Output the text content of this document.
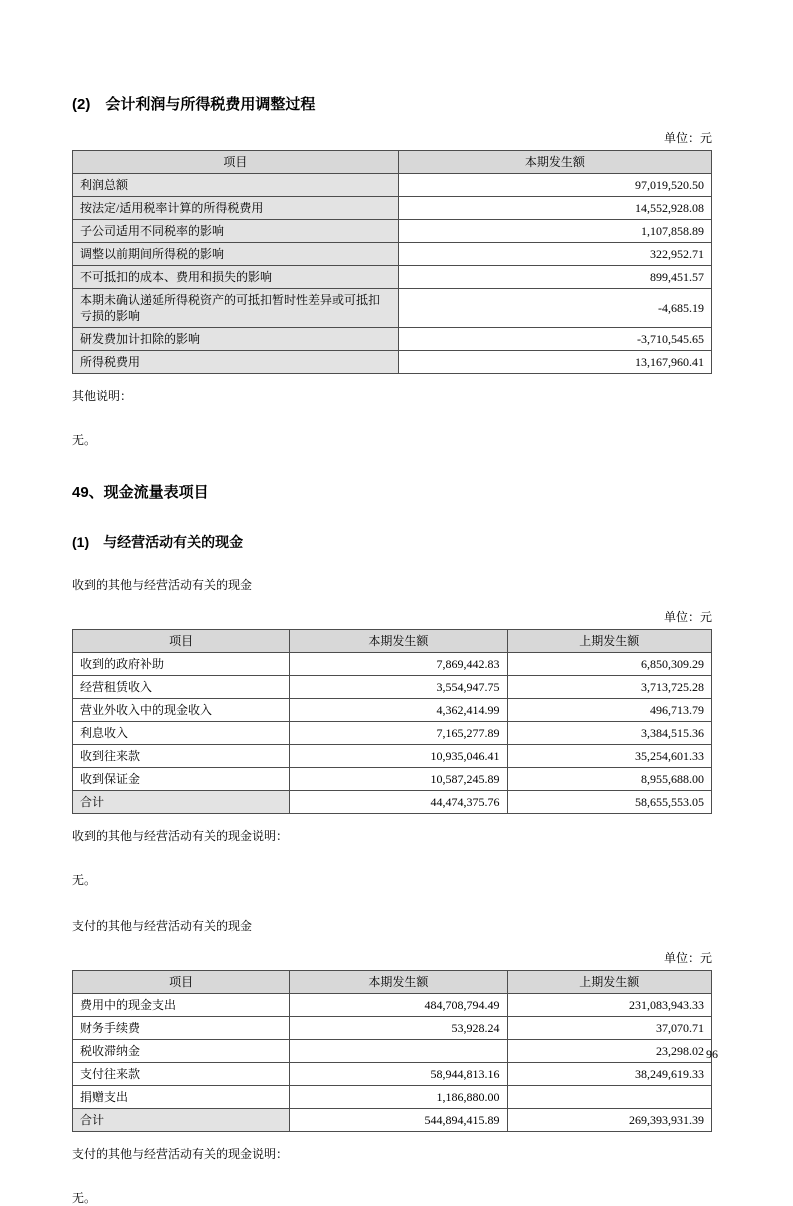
(2)　会计利润与所得税费用调整过程
单位：元
项目	本期发生额
利润总额	97,019,520.50
按法定/适用税率计算的所得税费用	14,552,928.08
子公司适用不同税率的影响	1,107,858.89
调整以前期间所得税的影响	322,952.71
不可抵扣的成本、费用和损失的影响	899,451.57
本期未确认递延所得税资产的可抵扣暂时性差异或可抵扣亏损的影响	-4,685.19
研发费加计扣除的影响	-3,710,545.65
所得税费用	13,167,960.41
其他说明：
无。
49、现金流量表项目
(1)　与经营活动有关的现金
收到的其他与经营活动有关的现金
单位：元
项目	本期发生额	上期发生额
收到的政府补助	7,869,442.83	6,850,309.29
经营租赁收入	3,554,947.75	3,713,725.28
营业外收入中的现金收入	4,362,414.99	496,713.79
利息收入	7,165,277.89	3,384,515.36
收到往来款	10,935,046.41	35,254,601.33
收到保证金	10,587,245.89	8,955,688.00
合计	44,474,375.76	58,655,553.05
收到的其他与经营活动有关的现金说明：
无。
支付的其他与经营活动有关的现金
单位：元
项目	本期发生额	上期发生额
费用中的现金支出	484,708,794.49	231,083,943.33
财务手续费	53,928.24	37,070.71
税收滞纳金		23,298.02
支付往来款	58,944,813.16	38,249,619.33
捐赠支出	1,186,880.00	
合计	544,894,415.89	269,393,931.39
支付的其他与经营活动有关的现金说明：
无。
96
